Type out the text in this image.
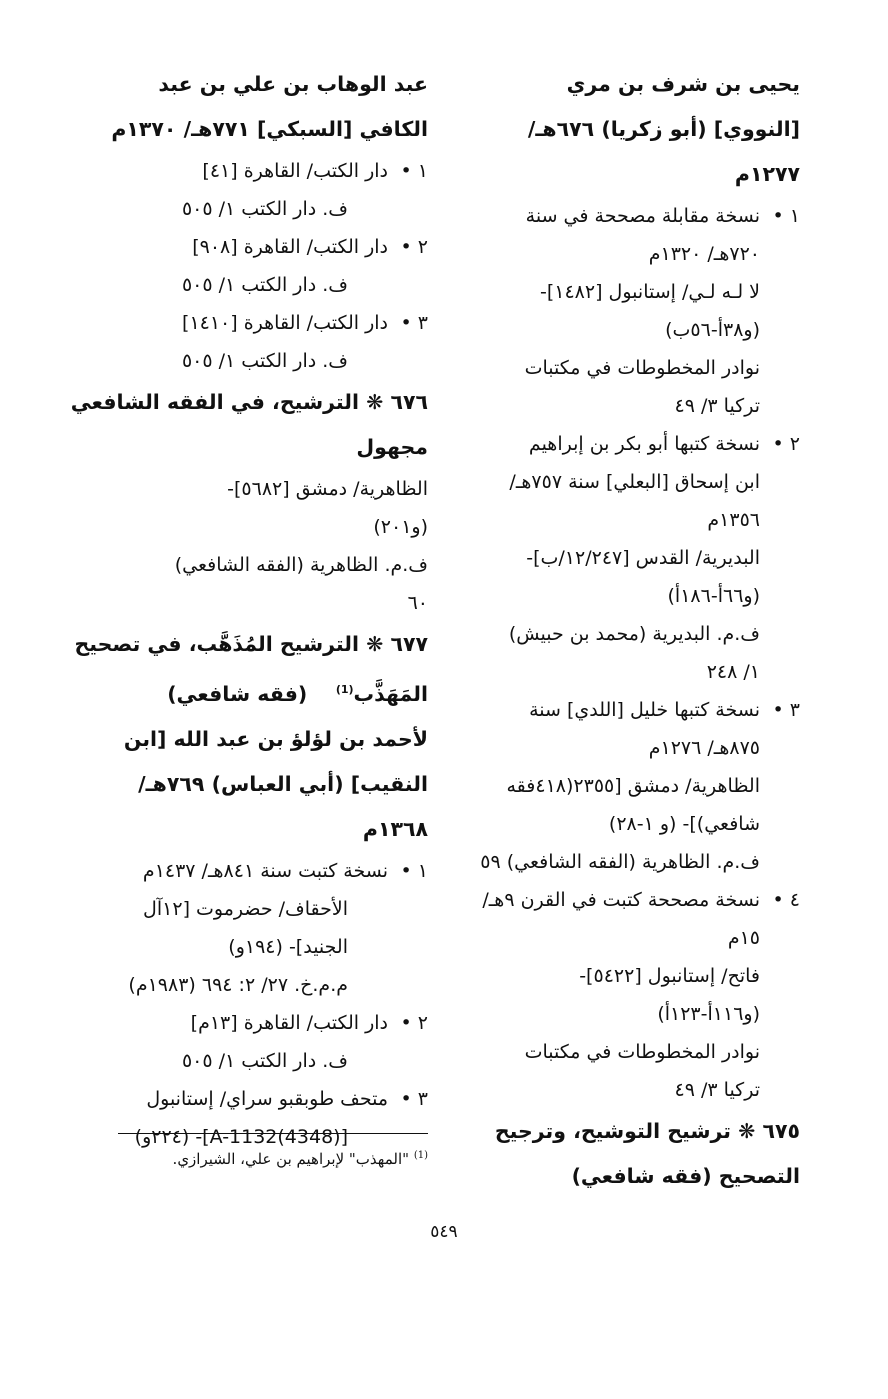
يحيى بن شرف بن مري
[النووي] (أبو زكريا) ٦٧٦هـ/
١٢٧٧م
١ •
نسخة مقابلة مصححة في سنة
٧٢٠هـ/ ١٣٢٠م
لا لـه لـي/ إستانبول [١٤٨٢]-
(و٣٨أ-٥٦ب)
نوادر المخطوطات في مكتبات
تركيا ٣/ ٤٩
٢ •
نسخة كتبها أبو بكر بن إبراهيم
ابن إسحاق [البعلي] سنة ٧٥٧هـ/
١٣٥٦م
البديرية/ القدس [١٢/٢٤٧/ب]-
(و٦٦أ-١٨٦أ)
ف.م. البديرية (محمد بن حبيش)
١/ ٢٤٨
٣ •
نسخة كتبها خليل [اللدي] سنة
٨٧٥هـ/ ١٢٧٦م
الظاهرية/ دمشق [٢٣٥٥(٤١٨فقه
شافعي)]- (و ١-٢٨)
ف.م. الظاهرية (الفقه الشافعي) ٥٩
٤ •
نسخة مصححة كتبت في القرن ٩هـ/
١٥م
فاتح/ إستانبول [٥٤٢٢]-
(و١١٦أ-١٢٣أ)
نوادر المخطوطات في مكتبات
تركيا ٣/ ٤٩
٦٧٥ ❋ ترشيح التوشيح، وترجيح
التصحيح (فقه شافعي)
عبد الوهاب بن علي بن عبد
الكافي [السبكي] ٧٧١هـ/ ١٣٧٠م
١ •
دار الكتب/ القاهرة [٤١]
ف. دار الكتب ١/ ٥٠٥
٢ •
دار الكتب/ القاهرة [٩٠٨]
ف. دار الكتب ١/ ٥٠٥
٣ •
دار الكتب/ القاهرة [١٤١٠]
ف. دار الكتب ١/ ٥٠٥
٦٧٦ ❋ الترشيح، في الفقه الشافعي
مجهول
الظاهرية/ دمشق [٥٦٨٢]-
(و٢٠١)
ف.م. الظاهرية (الفقه الشافعي)
٦٠
٦٧٧ ❋ الترشيح المُذَهَّب، في تصحيح
المَهَذَّب$^{(1)}$    (فقه شافعي)
لأحمد بن لؤلؤ بن عبد الله [ابن
النقيب] (أبي العباس) ٧٦٩هـ/
١٣٦٨م
١ •
نسخة كتبت سنة ٨٤١هـ/ ١٤٣٧م
الأحقاف/ حضرموت [١٢آل
الجنيد]- (١٩٤و)
م.م.خ. ٢٧/ ٢: ٦٩٤ (١٩٨٣م)
٢ •
دار الكتب/ القاهرة [١٣م]
ف. دار الكتب ١/ ٥٠٥
٣ •
متحف طوبقبو سراي/ إستانبول
[A-1132(4348)]- (٢٢٤و)
$^{(1)}$ "المهذب" لإبراهيم بن علي، الشيرازي.
٥٤٩
